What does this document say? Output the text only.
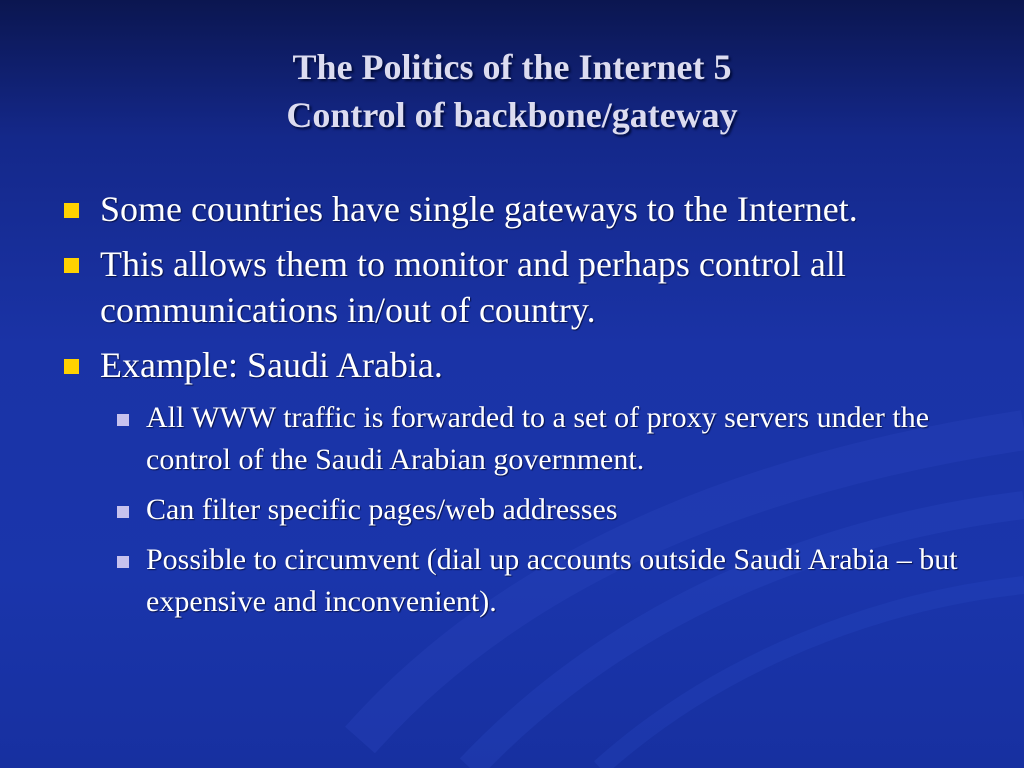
The Politics of the Internet 5
Control of backbone/gateway
Some countries have single gateways to the Internet.
This allows them to monitor and perhaps control all communications in/out of country.
Example: Saudi Arabia.
All WWW traffic is forwarded to a set of proxy servers under the control of the Saudi Arabian government.
Can filter specific pages/web addresses
Possible to circumvent (dial up accounts outside Saudi Arabia – but expensive and inconvenient).
